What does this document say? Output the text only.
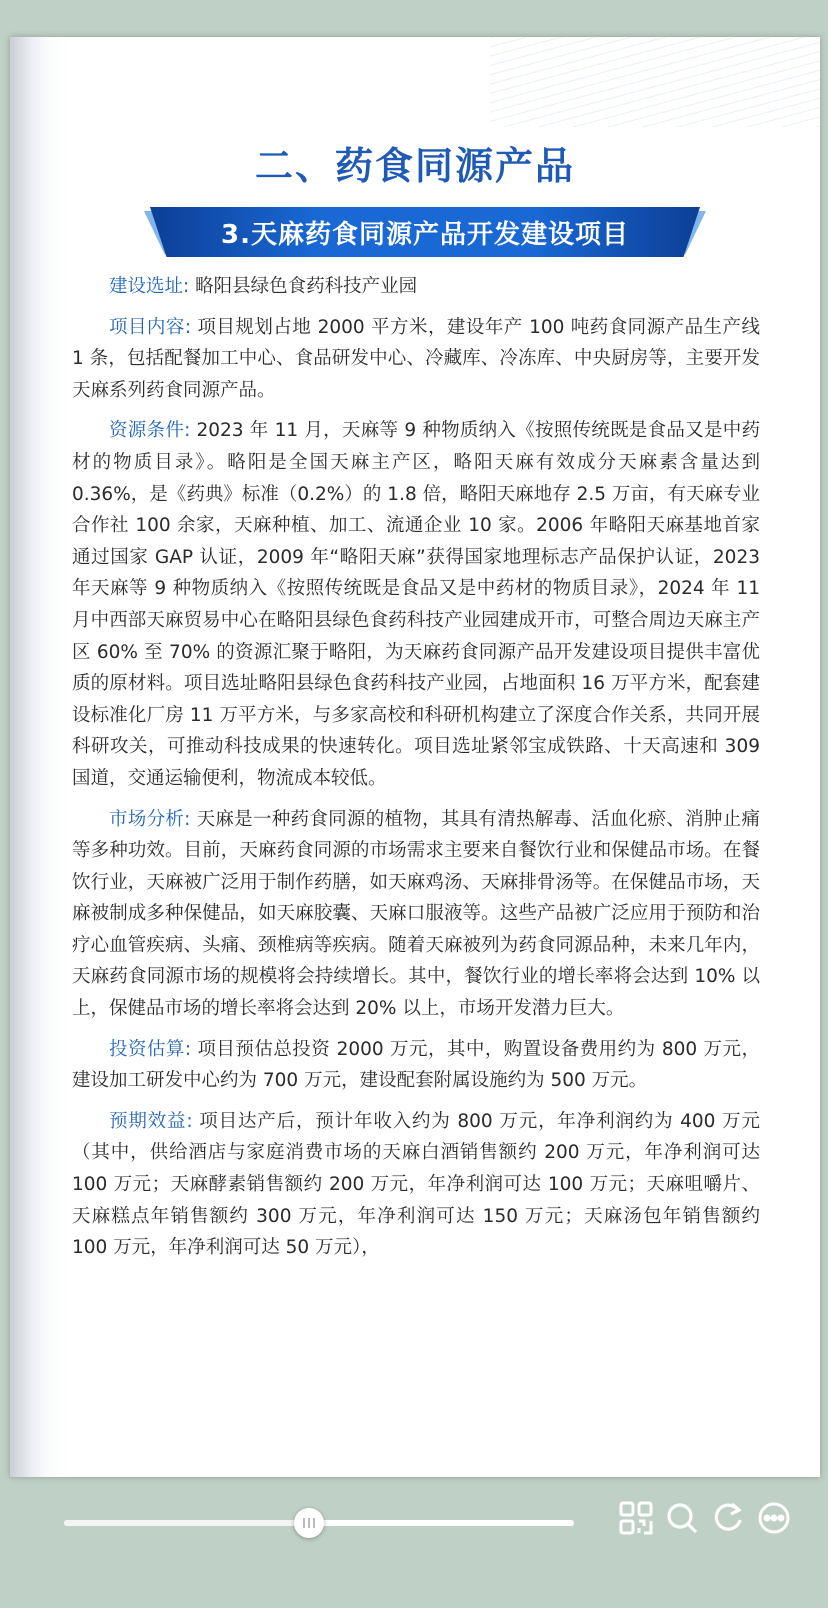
二、药食同源产品
3.天麻药食同源产品开发建设项目

建设选址: 略阳县绿色食药科技产业园

项目内容: 项目规划占地 2000 平方米，建设年产 100 吨药食同源产品生产线 1 条，包括配餐加工中心、食品研发中心、冷藏库、冷冻库、中央厨房等，主要开发天麻系列药食同源产品。

资源条件: 2023 年 11 月，天麻等 9 种物质纳入《按照传统既是食品又是中药材的物质目录》。略阳是全国天麻主产区，略阳天麻有效成分天麻素含量达到 0.36%，是《药典》标准（0.2%）的 1.8 倍，略阳天麻地存 2.5 万亩，有天麻专业合作社 100 余家，天麻种植、加工、流通企业 10 家。2006 年略阳天麻基地首家通过国家 GAP 认证，2009 年“略阳天麻”获得国家地理标志产品保护认证，2023 年天麻等 9 种物质纳入《按照传统既是食品又是中药材的物质目录》，2024 年 11 月中西部天麻贸易中心在略阳县绿色食药科技产业园建成开市，可整合周边天麻主产区 60% 至 70% 的资源汇聚于略阳，为天麻药食同源产品开发建设项目提供丰富优质的原材料。项目选址略阳县绿色食药科技产业园，占地面积 16 万平方米，配套建设标准化厂房 11 万平方米，与多家高校和科研机构建立了深度合作关系，共同开展科研攻关，可推动科技成果的快速转化。项目选址紧邻宝成铁路、十天高速和 309 国道，交通运输便利，物流成本较低。

市场分析: 天麻是一种药食同源的植物，其具有清热解毒、活血化瘀、消肿止痛等多种功效。目前，天麻药食同源的市场需求主要来自餐饮行业和保健品市场。在餐饮行业，天麻被广泛用于制作药膳，如天麻鸡汤、天麻排骨汤等。在保健品市场，天麻被制成多种保健品，如天麻胶囊、天麻口服液等。这些产品被广泛应用于预防和治疗心血管疾病、头痛、颈椎病等疾病。随着天麻被列为药食同源品种，未来几年内，天麻药食同源市场的规模将会持续增长。其中，餐饮行业的增长率将会达到 10% 以上，保健品市场的增长率将会达到 20% 以上，市场开发潜力巨大。

投资估算: 项目预估总投资 2000 万元，其中，购置设备费用约为 800 万元，建设加工研发中心约为 700 万元，建设配套附属设施约为 500 万元。

预期效益: 项目达产后，预计年收入约为 800 万元，年净利润约为 400 万元（其中，供给酒店与家庭消费市场的天麻白酒销售额约 200 万元，年净利润可达 100 万元；天麻酵素销售额约 200 万元，年净利润可达 100 万元；天麻咀嚼片、天麻糕点年销售额约 300 万元，年净利润可达 150 万元；天麻汤包年销售额约 100 万元，年净利润可达 50 万元），
